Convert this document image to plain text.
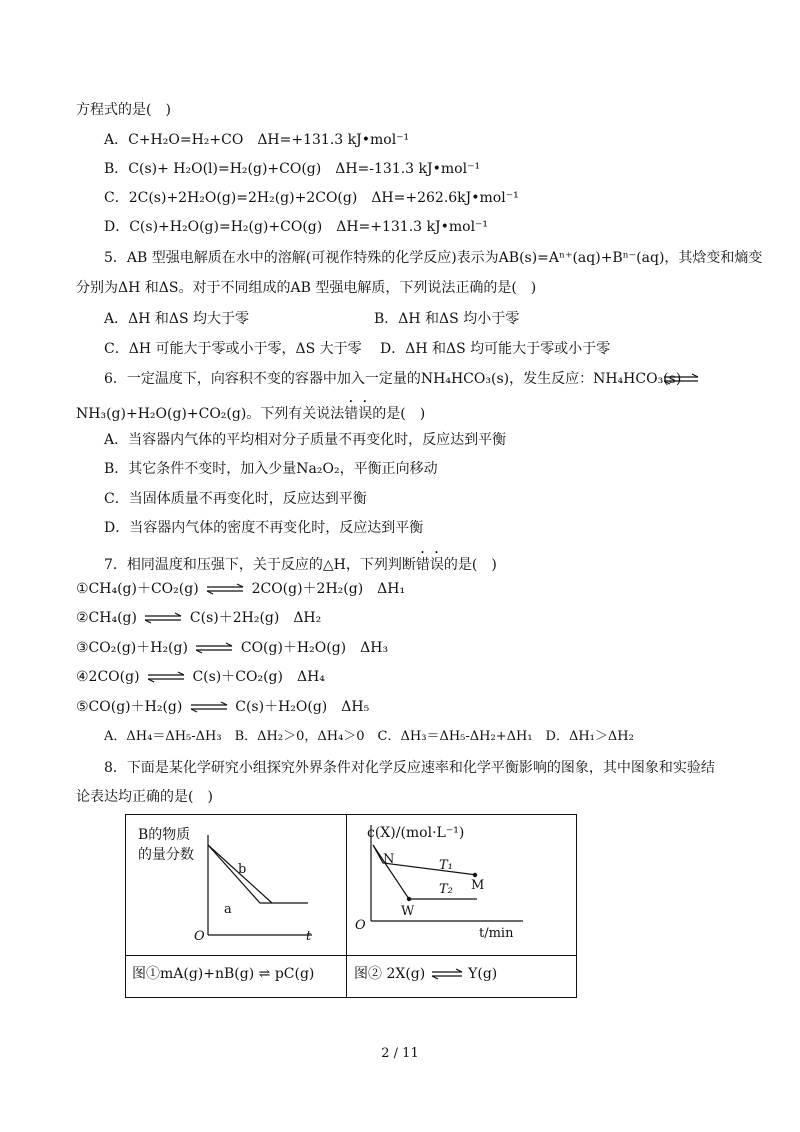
方程式的是(　)
A．C+H₂O=H₂+CO　ΔH=+131.3 kJ•mol⁻¹
B．C(s)+ H₂O(l)=H₂(g)+CO(g)　ΔH=-131.3 kJ•mol⁻¹
C．2C(s)+2H₂O(g)=2H₂(g)+2CO(g)　ΔH=+262.6kJ•mol⁻¹
D．C(s)+H₂O(g)=H₂(g)+CO(g)　ΔH=+131.3 kJ•mol⁻¹
5．AB 型强电解质在水中的溶解(可视作特殊的化学反应)表示为AB(s)=Aⁿ⁺(aq)+Bⁿ⁻(aq)，其焓变和熵变
分别为ΔH 和ΔS。对于不同组成的AB 型强电解质，下列说法正确的是(　)
A．ΔH 和ΔS 均大于零	B．ΔH 和ΔS 均小于零
C．ΔH 可能大于零或小于零，ΔS 大于零 D．ΔH 和ΔS 均可能大于零或小于零
6．一定温度下，向容积不变的容器中加入一定量的NH₄HCO₃(s)，发生反应：NH₄HCO₃(s)
NH₃(g)+H₂O(g)+CO₂(g)。下列有关说法错误的是(　)
A．当容器内气体的平均相对分子质量不再变化时，反应达到平衡
B．其它条件不变时，加入少量Na₂O₂，平衡正向移动
C．当固体质量不再变化时，反应达到平衡
D．当容器内气体的密度不再变化时，反应达到平衡
7．相同温度和压强下，关于反应的△H，下列判断错误的是(　)
①CH₄(g)＋CO₂(g) ⇌ 2CO(g)＋2H₂(g)　ΔH₁
②CH₄(g) ⇌ C(s)＋2H₂(g)　ΔH₂
③CO₂(g)＋H₂(g) ⇌ CO(g)＋H₂O(g)　ΔH₃
④2CO(g) ⇌ C(s)＋CO₂(g)　ΔH₄
⑤CO(g)＋H₂(g) ⇌ C(s)＋H₂O(g)　ΔH₅
A．ΔH₄＝ΔH₅-ΔH₃　B．ΔH₂＞0，ΔH₄＞0　C．ΔH₃＝ΔH₅-ΔH₂+ΔH₁　D．ΔH₁＞ΔH₂
8．下面是某化学研究小组探究外界条件对化学反应速率和化学平衡影响的图象，其中图象和实验结
论表达均正确的是(　)
B的物质
的量分数
b
a
O	t
c(X)/(mol·L⁻¹)
N	T₁
M
T₂
W
O
t/min
图①mA(g)+nB(g) ⇌ pC(g)	图② 2X(g) ⇌ Y(g)
2 / 11
